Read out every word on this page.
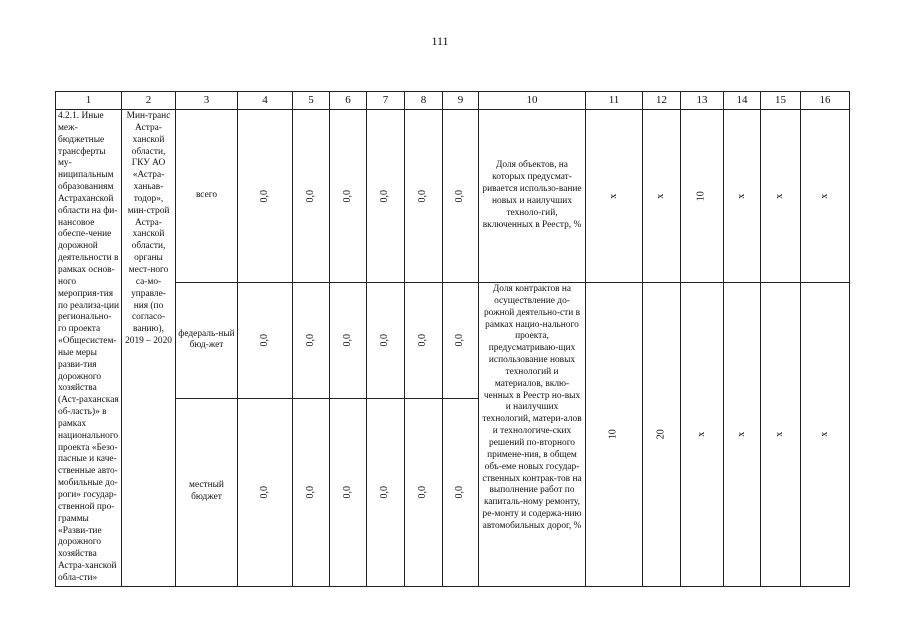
111
1	2	3	4	5	6	7	8	9	10	11	12	13	14	15	16
4.2.1. Иные меж-бюджетные трансферты му-ниципальным образованиям Астраханской области на фи-нансовое обеспе-чение дорожной деятельности в рамках основ-ного мероприя-тия по реализа-ции регионально-го проекта «Общесистем-ные меры разви-тия дорожного хозяйства (Аст-раханская об-ласть)» в рамках национального проекта «Безо-пасные и каче-ственные авто-мобильные до-роги» государ-ственной про-граммы «Разви-тие дорожного хозяйства Астра-ханской обла-сти»	Мин-транс Астра-ханской области, ГКУ АО «Астра-ханьав-тодор», мин-строй Астра-ханской области, органы мест-ного са-мо-управле-ния (по согласо-ванию), 2019 – 2020	всего	0,0	0,0	0,0	0,0	0,0	0,0	Доля объектов, на которых предусмат-ривается использо-вание новых и наилучших техноло-гий, включенных в Реестр, %	х	х	10	х	х	х
		федераль-ный бюд-жет	0,0	0,0	0,0	0,0	0,0	0,0	Доля контрактов на осуществление до-рожной деятельно-сти в рамках нацио-нального проекта, предусматриваю-щих использование новых технологий и материалов, вклю-ченных в Реестр но-вых и наилучших технологий, матери-алов и технологиче-ских решений по-вторного примене-ния, в общем объ-еме новых государ-ственных контрак-тов на выполнение работ по капиталь-ному ремонту, ре-монту и содержа-нию автомобильных дорог, %	10	20	х	х	х	х
		местный бюджет	0,0	0,0	0,0	0,0	0,0	0,0							
